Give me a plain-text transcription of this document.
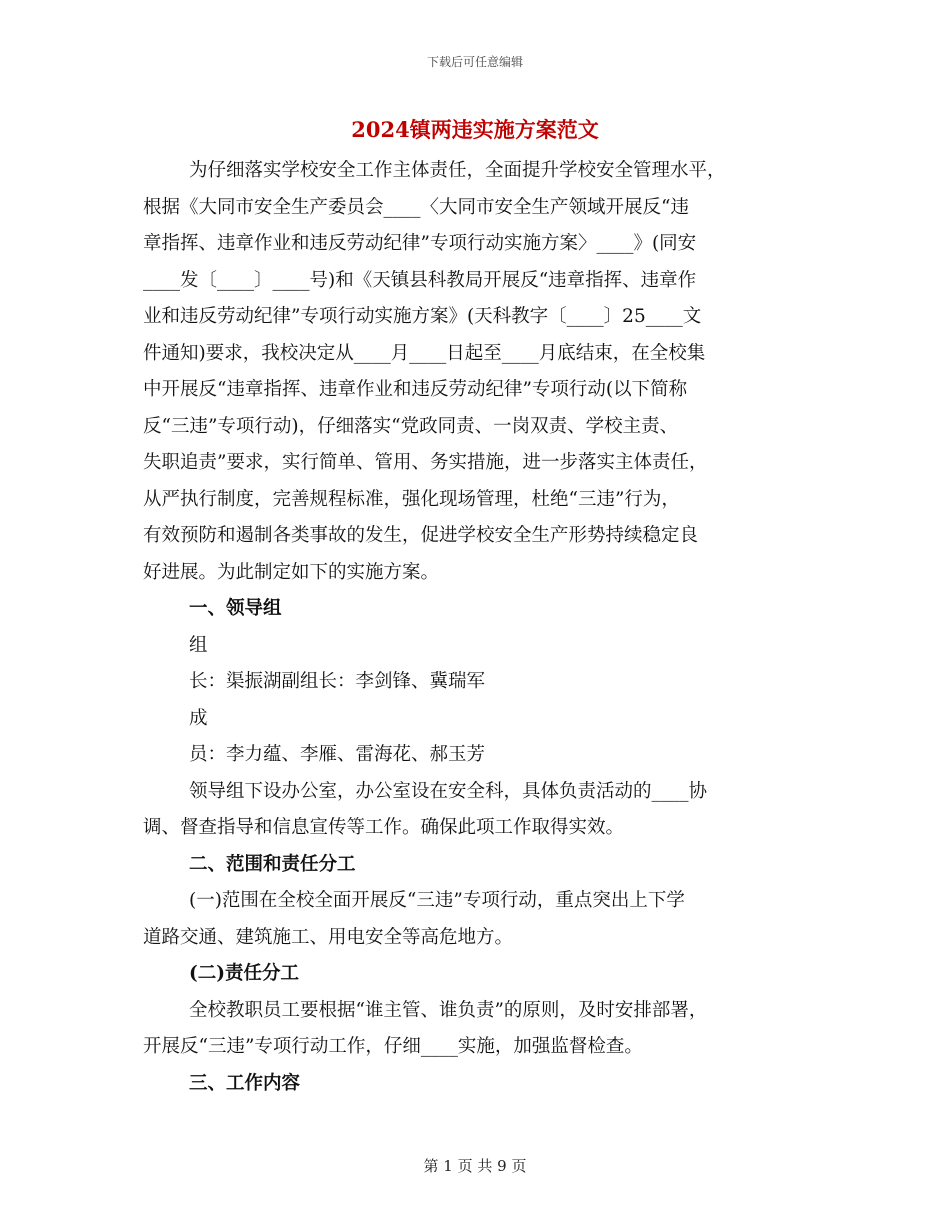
下载后可任意编辑
2024镇两违实施方案范文
为仔细落实学校安全工作主体责任，全面提升学校安全管理水平，
根据《大同市安全生产委员会____〈大同市安全生产领域开展反“违
章指挥、违章作业和违反劳动纪律”专项行动实施方案〉____》(同安
____发〔____〕____号)和《天镇县科教局开展反“违章指挥、违章作
业和违反劳动纪律”专项行动实施方案》(天科教字〔____〕25____文
件通知)要求，我校决定从____月____日起至____月底结束，在全校集
中开展反“违章指挥、违章作业和违反劳动纪律”专项行动(以下简称
反“三违”专项行动)，仔细落实“党政同责、一岗双责、学校主责、
失职追责”要求，实行简单、管用、务实措施，进一步落实主体责任，
从严执行制度，完善规程标准，强化现场管理，杜绝“三违”行为，
有效预防和遏制各类事故的发生，促进学校安全生产形势持续稳定良
好进展。为此制定如下的实施方案。
一、领导组
组
长：渠振湖副组长：李剑锋、冀瑞军
成
员：李力蕴、李雁、雷海花、郝玉芳
领导组下设办公室，办公室设在安全科，具体负责活动的____协
调、督查指导和信息宣传等工作。确保此项工作取得实效。
二、范围和责任分工
(一)范围在全校全面开展反“三违”专项行动，重点突出上下学
道路交通、建筑施工、用电安全等高危地方。
(二)责任分工
全校教职员工要根据“谁主管、谁负责”的原则，及时安排部署，
开展反“三违”专项行动工作，仔细____实施，加强监督检查。
三、工作内容
第 1 页 共 9 页
